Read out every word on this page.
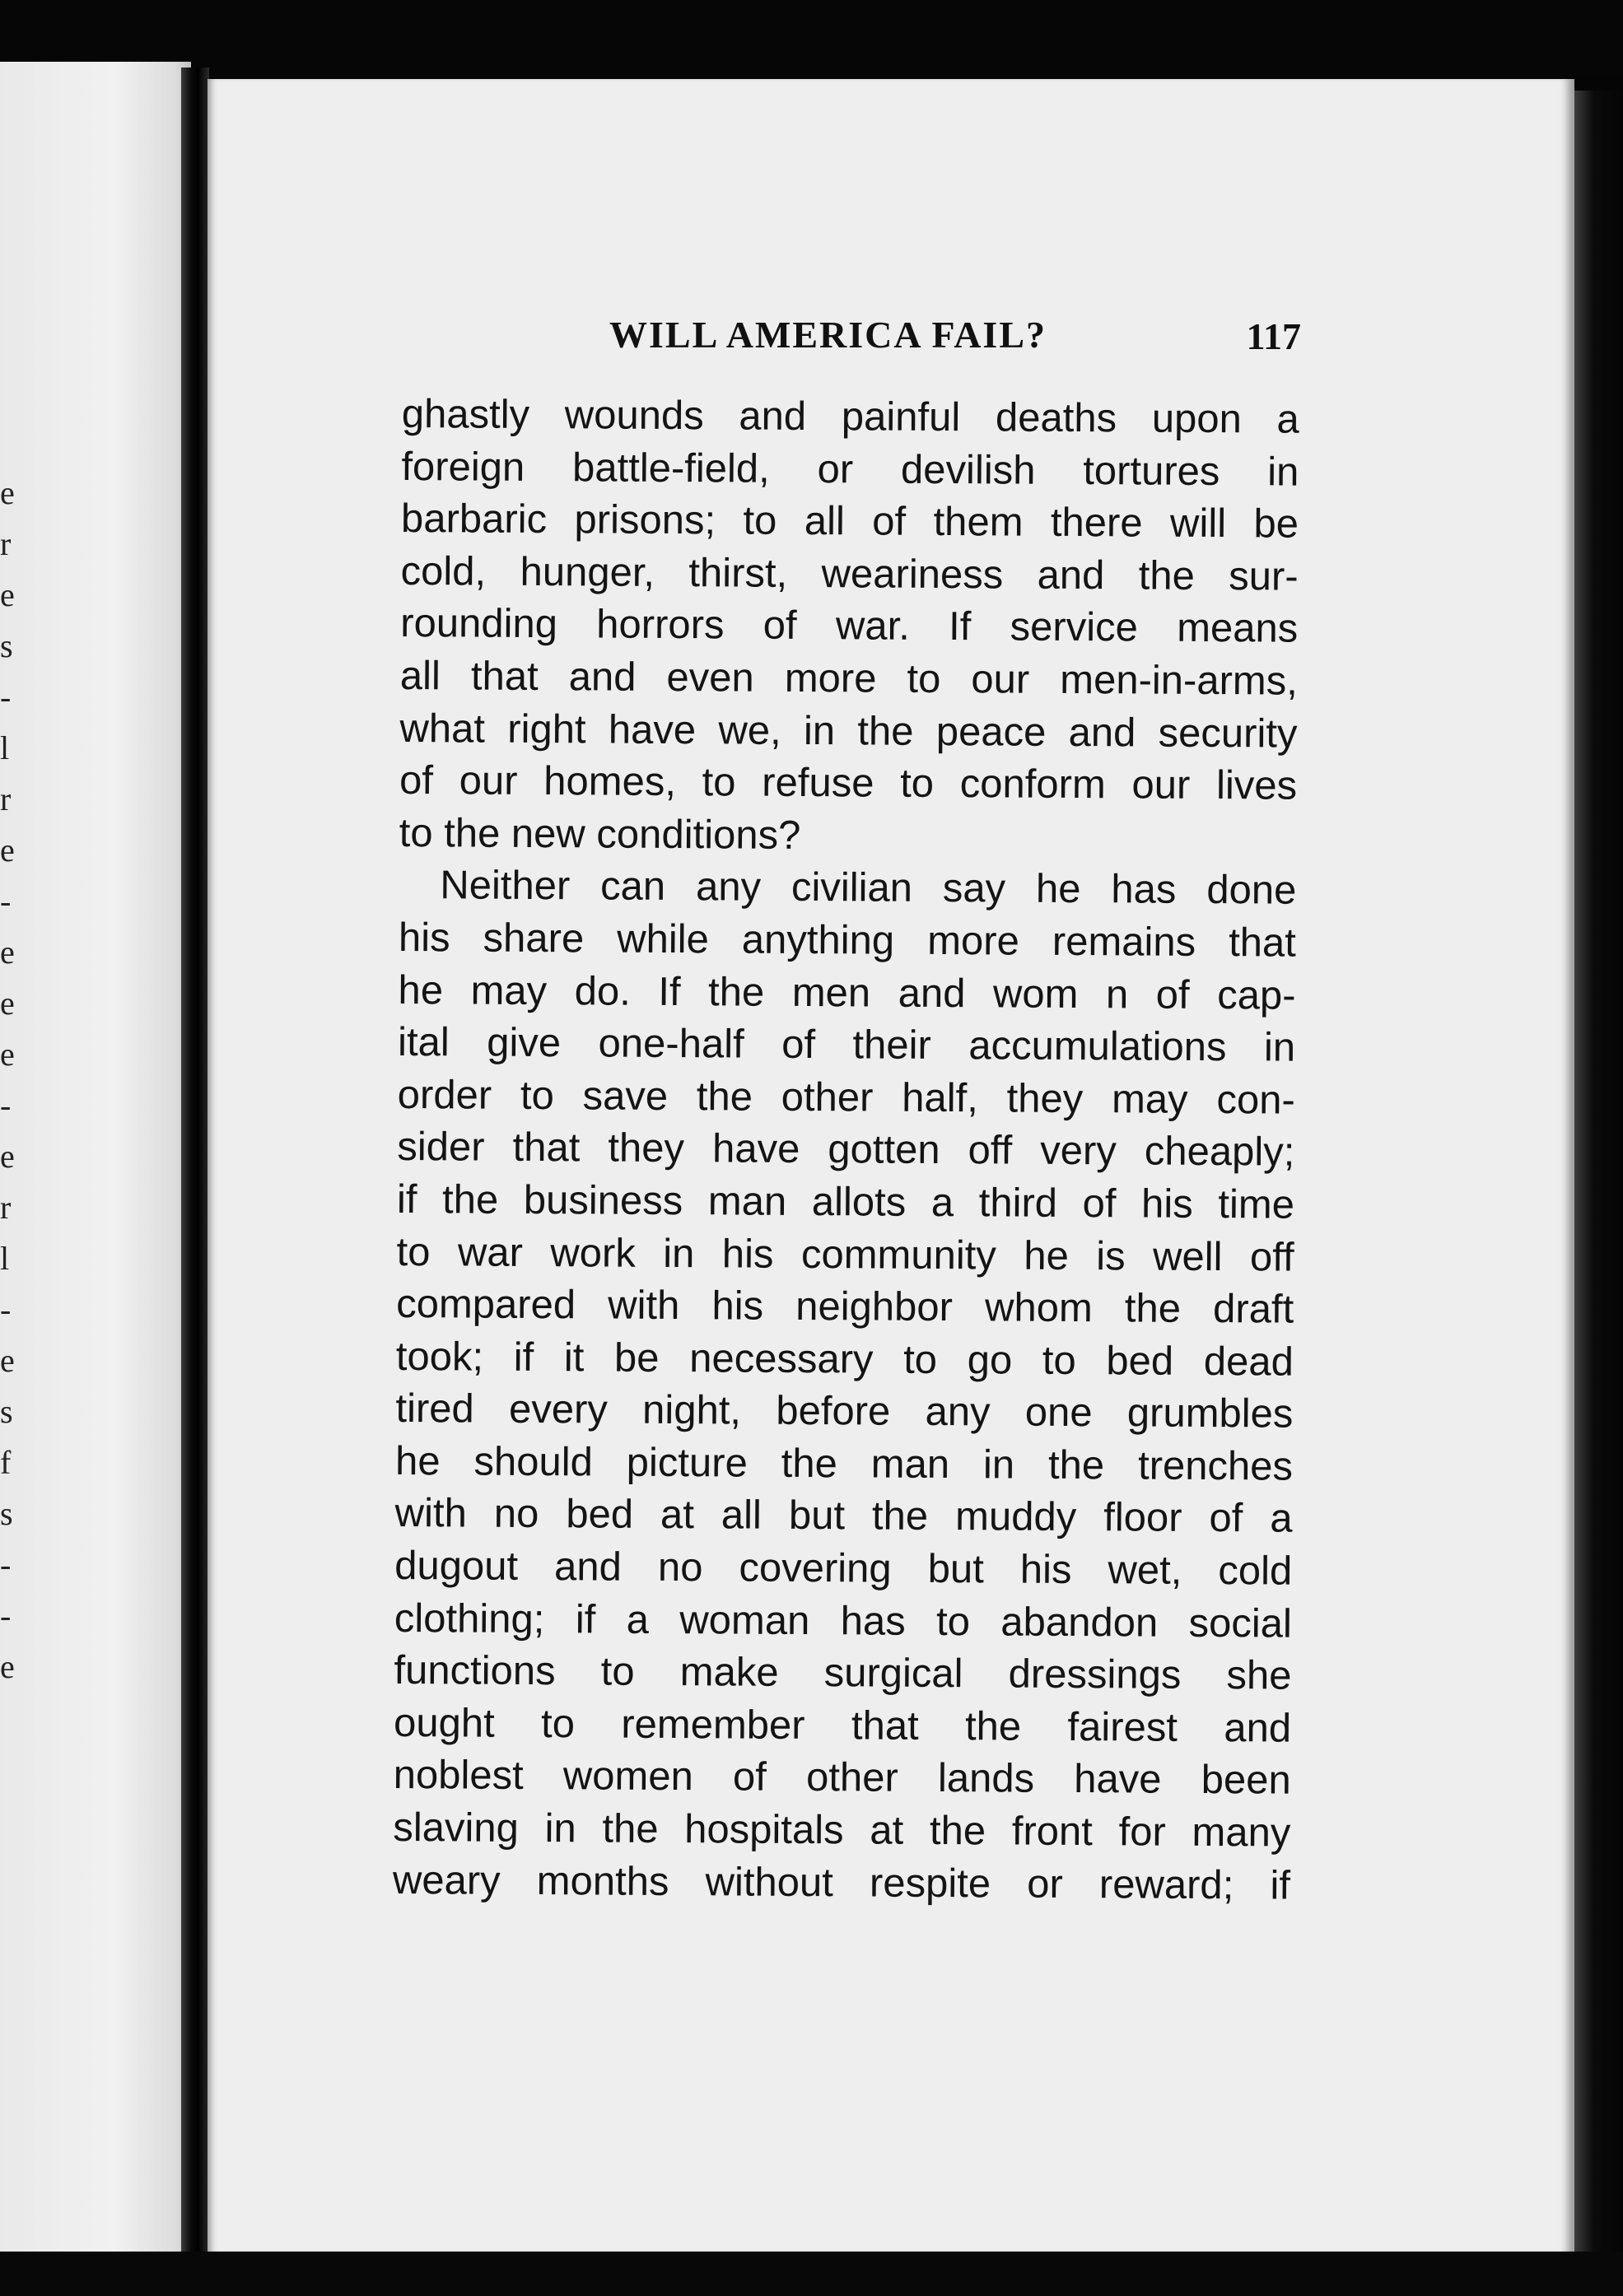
e
r
e
s
-
l
r
e
-
e
e
e
-
e
r
l
-
e
s
f
s
-
-
e
WILL AMERICA FAIL?	117
ghastly wounds and painful deaths upon a
foreign battle-field, or devilish tortures in
barbaric prisons; to all of them there will be
cold, hunger, thirst, weariness and the sur-
rounding horrors of war. If service means
all that and even more to our men-in-arms,
what right have we, in the peace and security
of our homes, to refuse to conform our lives
to the new conditions?
Neither can any civilian say he has done
his share while anything more remains that
he may do. If the men and wom n of cap-
ital give one-half of their accumulations in
order to save the other half, they may con-
sider that they have gotten off very cheaply;
if the business man allots a third of his time
to war work in his community he is well off
compared with his neighbor whom the draft
took; if it be necessary to go to bed dead
tired every night, before any one grumbles
he should picture the man in the trenches
with no bed at all but the muddy floor of a
dugout and no covering but his wet, cold
clothing; if a woman has to abandon social
functions to make surgical dressings she
ought to remember that the fairest and
noblest women of other lands have been
slaving in the hospitals at the front for many
weary months without respite or reward; if
